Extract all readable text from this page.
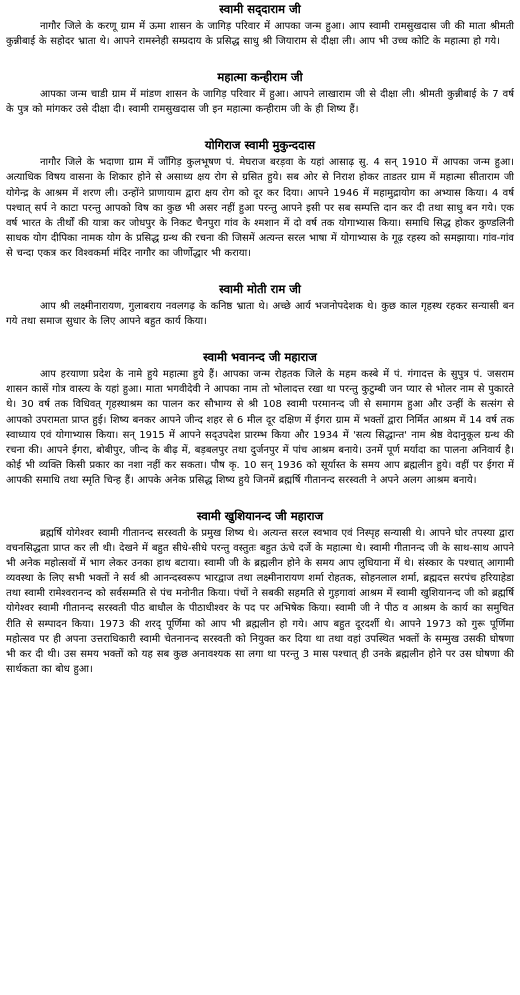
स्वामी सद्‌दाराम जी

नागौर जिले के करणू ग्राम में ऊमा शासन के जागिड़ परिवार में आपका जन्म हुआ। आप स्वामी रामसुखदास जी की माता श्रीमती कुन्नीबाई के सहोदर भ्राता थे। आपने रामस्नेही सम्प्रदाय के प्रसिद्ध साधु श्री जियाराम से दीक्षा ली। आप भी उच्च कोटि के महात्मा हो गये।

महात्मा कन्हीराम जी

आपका जन्म चाडी ग्राम में मांडण शासन के जागिड़ परिवार में हुआ। आपने लाखाराम जी से दीक्षा ली। श्रीमती कुन्नीबाई के 7 वर्ष के पुत्र को मांगकर उसे दीक्षा दी। स्वामी रामसुखदास जी इन महात्मा कन्हीराम जी के ही शिष्य हैं।

योगिराज स्वामी मुकुन्ददास

नागौर जिले के भदाणा ग्राम में जाँगिड़ कुलभूषण पं. मेघराज बरड़वा के यहां आसाढ़ सु. 4 सन् 1910 में आपका जन्म हुआ। अत्याधिक विषय वासना के शिकार होने से असाध्य क्षय रोग से ग्रसित हुये। सब ओर से निराश होकर ताडतर ग्राम में महात्मा सीताराम जी योगेन्द्र के आश्रम में शरण ली। उन्होंने प्राणायाम द्वारा क्षय रोग को दूर कर दिया। आपने 1946 में महामुद्रायोग का अभ्यास किया। 4 वर्ष पश्चात् सर्प ने काटा परन्तु आपको विष का कुछ भी असर नहीं हुआ परन्तु आपने इसी पर सब सम्पत्ति दान कर दी तथा साधु बन गये। एक वर्ष भारत के तीर्थों की यात्रा कर जोधपुर के निकट चैनपुरा गांव के श्मशान में दो वर्ष तक योगाभ्यास किया। समाधि सिद्ध होकर कुण्डलिनी साधक योग दीपिका नामक योग के प्रसिद्ध ग्रन्थ की रचना की जिसमें अत्यन्त सरल भाषा में योगाभ्यास के गूढ़ रहस्य को समझाया। गांव-गांव से चन्दा एकत्र कर विश्वकर्मा मंदिर नागौर का जीर्णोद्धार भी कराया।

स्वामी मोती राम जी

आप श्री लक्ष्मीनारायण, गुलाबराय नवलगढ़ के कनिष्ठ भ्राता थे। अच्छे आर्य भजनोपदेशक थे। कुछ काल गृहस्थ रहकर सन्यासी बन गये तथा समाज सुधार के लिए आपने बहुत कार्य किया।

स्वामी भवानन्द जी महाराज

आप हरयाणा प्रदेश के नामे हुये महात्मा हुये हैं। आपका जन्म रोहतक जिले के महम कस्बे में पं. गंगादत्त के सुपुत्र पं. जसराम शासन कासें गोत्र वास्त्य के यहां हुआ। माता भगवीदेवी ने आपका नाम तो भोलादत्त रखा था परन्तु कुटुम्बी जन प्यार से भोलर नाम से पुकारते थे। 30 वर्ष तक विधिवत् गृहस्थाश्रम का पालन कर सौभाग्य से श्री 108 स्वामी परमानन्द जी से समागम हुआ और उन्हीं के सत्संग से आपको उपरामता प्राप्त हुई। शिष्य बनकर आपने जीन्द शहर से 6 मील दूर दक्षिण में ईगरा ग्राम में भक्तों द्वारा निर्मित आश्रम में 14 वर्ष तक स्वाध्याय एवं योगाभ्यास किया। सन् 1915 में आपने सद्‌उपदेश प्रारम्भ किया और 1934 में 'सत्य सिद्धान्त' नाम श्रेष्ठ वेदानुकूल ग्रन्थ की रचना की। आपने ईगरा, बोबीपुर, जीन्द के बीढ़ में, बड़बलपुर तथा दुर्जनपुर में पांच आश्रम बनाये। उनमें पूर्ण मर्यादा का पालना अनिवार्य है। कोई भी व्यक्ति किसी प्रकार का नशा नहीं कर सकता। पौष कृ. 10 सन् 1936 को सूर्यास्त के समय आप ब्रह्मलीन हुये। वहीं पर ईगरा में आपकी समाधि तथा स्मृति चिन्ह हैं। आपके अनेक प्रसिद्ध शिष्य हुये जिनमें ब्रह्मर्षि गीतानन्द सरस्वती ने अपने अलग आश्रम बनाये।

स्वामी खुशियानन्द जी महाराज

ब्रह्मर्षि योगेश्वर स्वामी गीतानन्द सरस्वती के प्रमुख शिष्य थे। अत्यन्त सरल स्वभाव एवं निस्पृह सन्यासी थे। आपने घोर तपस्या द्वारा वचनसिद्धता प्राप्त कर ली थी। देखने में बहुत सीधे-सीधे परन्तु वस्तुतः बहुत ऊंचे दर्जे के महात्मा थे। स्वामी गीतानन्द जी के साथ-साथ आपने भी अनेक महोत्सवों में भाग लेकर उनका हाथ बटाया। स्वामी जी के ब्रह्मलीन होने के समय आप लुधियाना में थे। संस्कार के पश्चात् आगामी व्यवस्था के लिए सभी भक्तों ने सर्व श्री आनन्दस्वरूप भारद्वाज तथा लक्ष्मीनारायण शर्मा रोहतक, सोहनलाल शर्मा, ब्रह्मदत्त सरपंच हरियाहेडा तथा स्वामी रामेश्वरानन्द को सर्वसम्मति से पंच मनोनीत किया। पंचों ने सबकी सहमति से गुड़गावां आश्रम में स्वामी खुशियानन्द जी को ब्रह्मर्षि योगेश्वर स्वामी गीतानन्द सरस्वती पीठ बाधौल के पीठाधीश्वर के पद पर अभिषेक किया। स्वामी जी ने पीठ व आश्रम के कार्य का समुचित रीति से सम्पादन किया। 1973 की शरद् पूर्णिमा को आप भी ब्रह्मलीन हो गये। आप बहुत दूरदर्शी थे। आपने 1973 को गुरू पूर्णिमा महोत्सव पर ही अपना उत्तराधिकारी स्वामी चेतनानन्द सरस्वती को नियुक्त कर दिया था तथा वहां उपस्थित भक्तों के सम्मुख उसकी घोषणा भी कर दी थी। उस समय भक्तों को यह सब कुछ अनावश्यक सा लगा था परन्तु 3 मास पश्चात् ही उनके ब्रह्मलीन होने पर उस घोषणा की सार्थकता का बोध हुआ।
